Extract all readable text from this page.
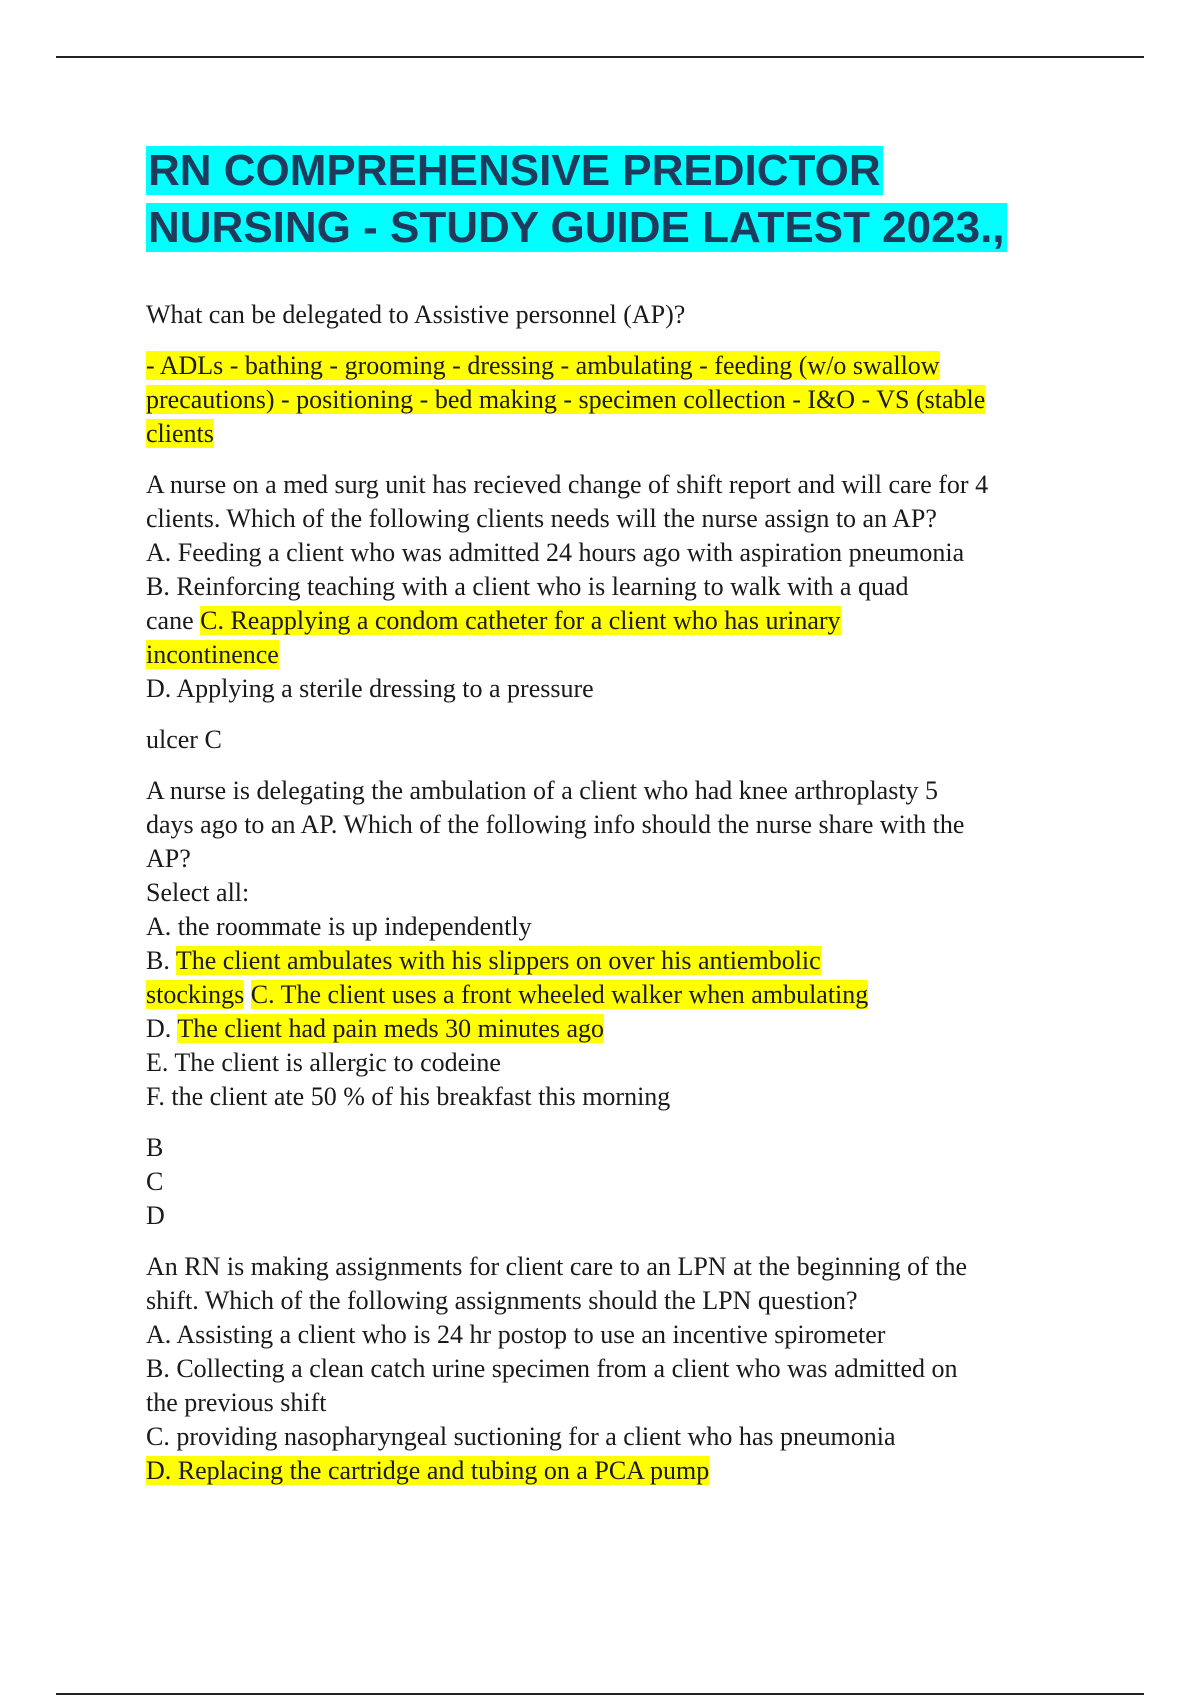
RN COMPREHENSIVE PREDICTOR
NURSING - STUDY GUIDE LATEST 2023.,
What can be delegated to Assistive personnel (AP)?
- ADLs - bathing - grooming - dressing - ambulating - feeding (w/o swallow
precautions) - positioning - bed making - specimen collection - I&O - VS (stable
clients
A nurse on a med surg unit has recieved change of shift report and will care for 4
clients. Which of the following clients needs will the nurse assign to an AP?
A. Feeding a client who was admitted 24 hours ago with aspiration pneumonia
B. Reinforcing teaching with a client who is learning to walk with a quad
cane C. Reapplying a condom catheter for a client who has urinary
incontinence
D. Applying a sterile dressing to a pressure
ulcer C
A nurse is delegating the ambulation of a client who had knee arthroplasty 5
days ago to an AP. Which of the following info should the nurse share with the
AP?
Select all:
A. the roommate is up independently
B. The client ambulates with his slippers on over his antiembolic
stockings C. The client uses a front wheeled walker when ambulating
D. The client had pain meds 30 minutes ago
E. The client is allergic to codeine
F. the client ate 50 % of his breakfast this morning
B
C
D
An RN is making assignments for client care to an LPN at the beginning of the
shift. Which of the following assignments should the LPN question?
A. Assisting a client who is 24 hr postop to use an incentive spirometer
B. Collecting a clean catch urine specimen from a client who was admitted on
the previous shift
C. providing nasopharyngeal suctioning for a client who has pneumonia
D. Replacing the cartridge and tubing on a PCA pump
